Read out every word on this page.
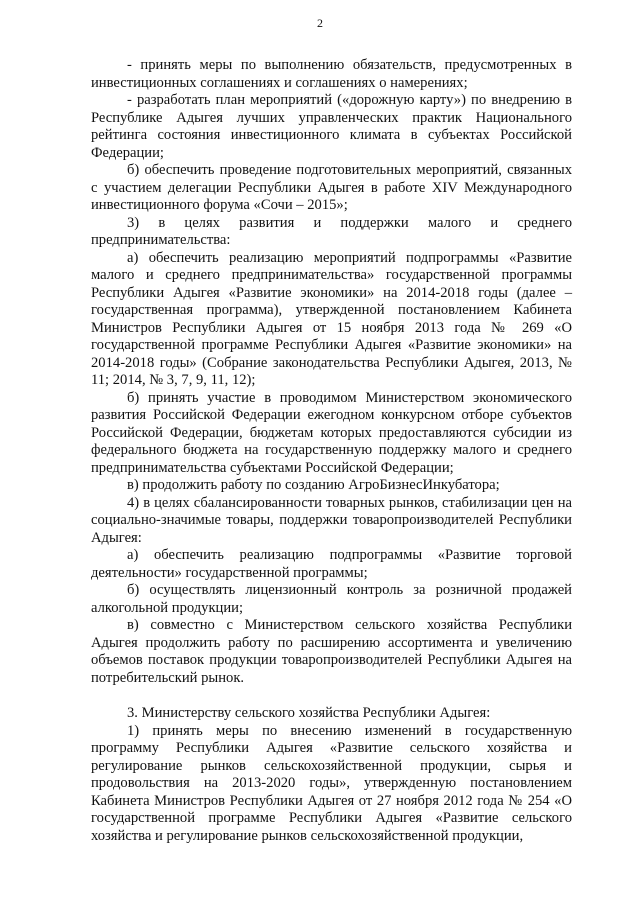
2

- принять меры по выполнению обязательств, предусмотренных в инвестиционных соглашениях и соглашениях о намерениях;

- разработать план мероприятий («дорожную карту») по внедрению в Республике Адыгея лучших управленческих практик Национального рейтинга состояния инвестиционного климата в субъектах Российской Федерации;

б) обеспечить проведение подготовительных мероприятий, связанных с участием делегации Республики Адыгея в работе XIV Международного инвестиционного форума «Сочи – 2015»;

3) в целях развития и поддержки малого и среднего предпринимательства:

а) обеспечить реализацию мероприятий подпрограммы «Развитие малого и среднего предпринимательства» государственной программы Республики Адыгея «Развитие экономики» на 2014-2018 годы (далее – государственная программа), утвержденной постановлением Кабинета Министров Республики Адыгея от 15 ноября 2013 года № 269 «О государственной программе Республики Адыгея «Развитие экономики» на 2014-2018 годы» (Собрание законодательства Республики Адыгея, 2013, № 11; 2014, № 3, 7, 9, 11, 12);

б) принять участие в проводимом Министерством экономического развития Российской Федерации ежегодном конкурсном отборе субъектов Российской Федерации, бюджетам которых предоставляются субсидии из федерального бюджета на государственную поддержку малого и среднего предпринимательства субъектами Российской Федерации;

в) продолжить работу по созданию АгроБизнесИнкубатора;

4) в целях сбалансированности товарных рынков, стабилизации цен на социально-значимые товары, поддержки товаропроизводителей Республики Адыгея:

а) обеспечить реализацию подпрограммы «Развитие торговой деятельности» государственной программы;

б) осуществлять лицензионный контроль за розничной продажей алкогольной продукции;

в) совместно с Министерством сельского хозяйства Республики Адыгея продолжить работу по расширению ассортимента и увеличению объемов поставок продукции товаропроизводителей Республики Адыгея на потребительский рынок.

3. Министерству сельского хозяйства Республики Адыгея:

1) принять меры по внесению изменений в государственную программу Республики Адыгея «Развитие сельского хозяйства и регулирование рынков сельскохозяйственной продукции, сырья и продовольствия на 2013-2020 годы», утвержденную постановлением Кабинета Министров Республики Адыгея от 27 ноября 2012 года № 254 «О государственной программе Республики Адыгея «Развитие сельского хозяйства и регулирование рынков сельскохозяйственной продукции,
